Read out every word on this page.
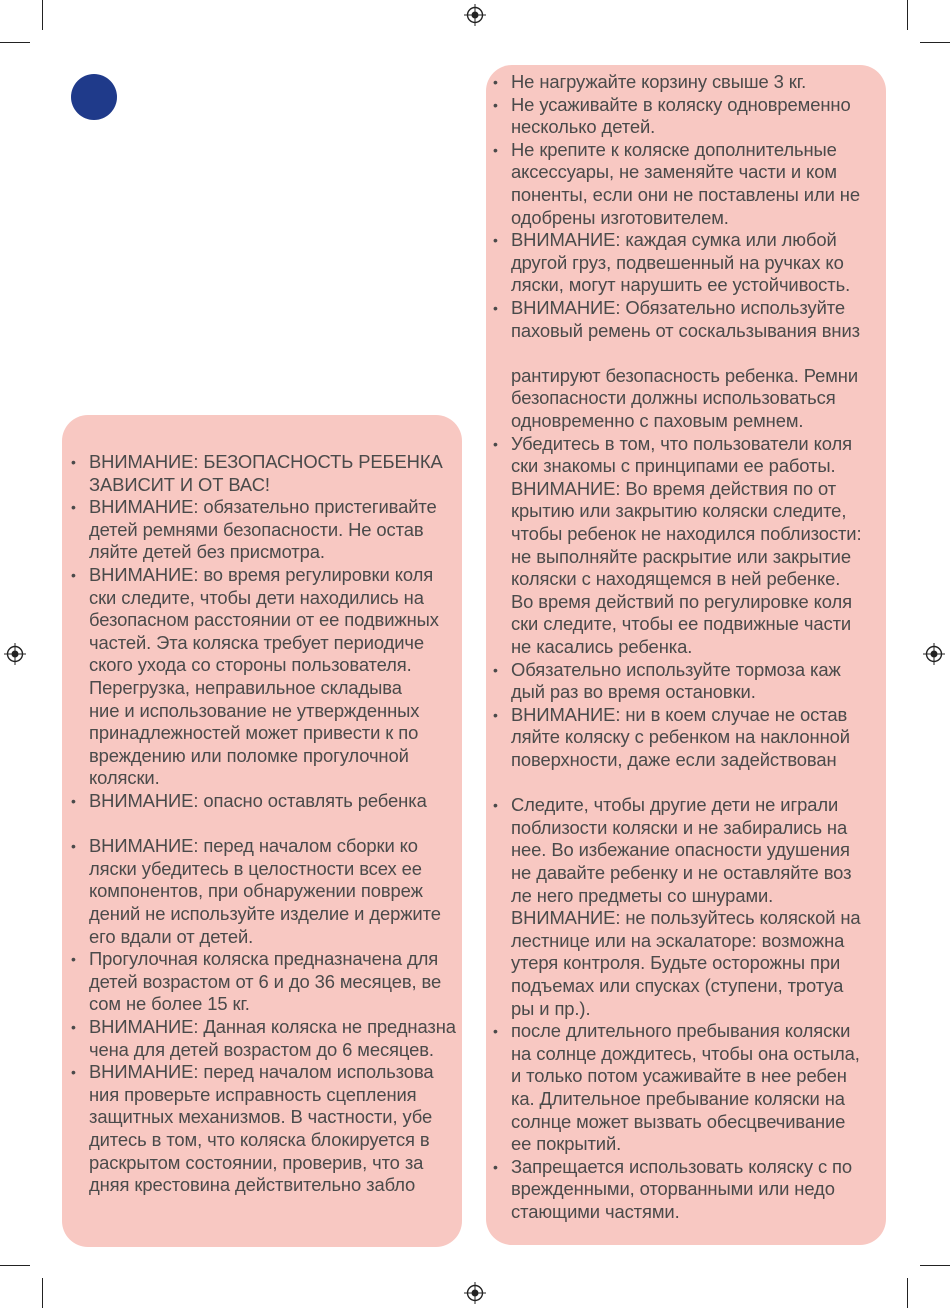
• ВНИМАНИЕ: БЕЗОПАСНОСТЬ РЕБЕНКА
ЗАВИСИТ И ОТ ВАС!
• ВНИМАНИЕ: обязательно пристегивайте
детей ремнями безопасности. Не остав
ляйте детей без присмотра.
• ВНИМАНИЕ: во время регулировки коля
ски следите, чтобы дети находились на
безопасном расстоянии от ее подвижных
частей. Эта коляска требует периодиче
ского ухода со стороны пользователя.
Перегрузка, неправильное складыва
ние и использование не утвержденных
принадлежностей может привести к по
вреждению или поломке прогулочной
коляски.
• ВНИМАНИЕ: опасно оставлять ребенка
• ВНИМАНИЕ: перед началом сборки ко
ляски убедитесь в целостности всех ее
компонентов, при обнаружении повреж
дений не используйте изделие и держите
его вдали от детей.
• Прогулочная коляска предназначена для
детей возрастом от 6 и до 36 месяцев, ве
сом не более 15 кг.
• ВНИМАНИЕ: Данная коляска не предназна
чена для детей возрастом до 6 месяцев.
• ВНИМАНИЕ: перед началом использова
ния проверьте исправность сцепления
защитных механизмов. В частности, убе
дитесь в том, что коляска блокируется в
раскрытом состоянии, проверив, что за
дняя крестовина действительно забло
• Не нагружайте корзину свыше 3 кг.
• Не усаживайте в коляску одновременно
несколько детей.
• Не крепите к коляске дополнительные
аксессуары, не заменяйте части и ком
поненты, если они не поставлены или не
одобрены изготовителем.
• ВНИМАНИЕ: каждая сумка или любой
другой груз, подвешенный на ручках ко
ляски, могут нарушить ее устойчивость.
• ВНИМАНИЕ: Обязательно используйте
паховый ремень от соскальзывания вниз
рантируют безопасность ребенка. Ремни
безопасности должны использоваться
одновременно с паховым ремнем.
• Убедитесь в том, что пользователи коля
ски знакомы с принципами ее работы.
ВНИМАНИЕ: Во время действия по от
крытию или закрытию коляски следите,
чтобы ребенок не находился поблизости:
не выполняйте раскрытие или закрытие
коляски с находящемся в ней ребенке.
Во время действий по регулировке коля
ски следите, чтобы ее подвижные части
не касались ребенка.
• Обязательно используйте тормоза каж
дый раз во время остановки.
• ВНИМАНИЕ: ни в коем случае не остав
ляйте коляску с ребенком на наклонной
поверхности, даже если задействован
• Следите, чтобы другие дети не играли
поблизости коляски и не забирались на
нее. Во избежание опасности удушения
не давайте ребенку и не оставляйте воз
ле него предметы со шнурами.
ВНИМАНИЕ: не пользуйтесь коляской на
лестнице или на эскалаторе: возможна
утеря контроля. Будьте осторожны при
подъемах или спусках (ступени, тротуа
ры и пр.).
• после длительного пребывания коляски
на солнце дождитесь, чтобы она остыла,
и только потом усаживайте в нее ребен
ка. Длительное пребывание коляски на
солнце может вызвать обесцвечивание
ее покрытий.
• Запрещается использовать коляску с по
врежденными, оторванными или недо
стающими частями.
